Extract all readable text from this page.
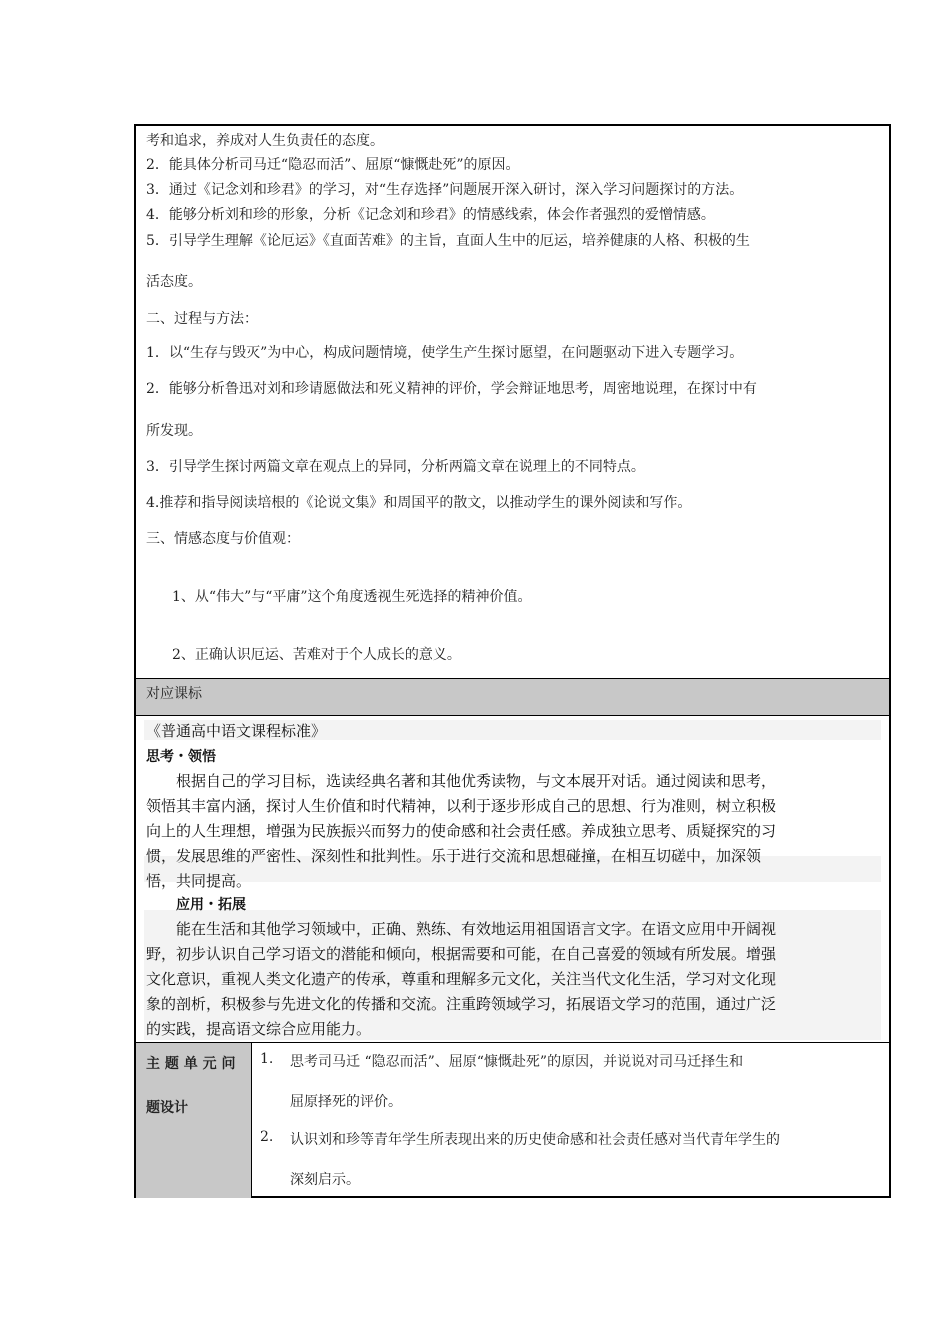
考和追求，养成对人生负责任的态度。
2．能具体分析司马迁“隐忍而活”、屈原“慷慨赴死”的原因。
3．通过《记念刘和珍君》的学习，对“生存选择”问题展开深入研讨，深入学习问题探讨的方法。
4．能够分析刘和珍的形象，分析《记念刘和珍君》的情感线索，体会作者强烈的爱憎情感。
5．引导学生理解《论厄运》《直面苦难》的主旨，直面人生中的厄运，培养健康的人格、积极的生
活态度。
二、过程与方法：
1．以“生存与毁灭”为中心，构成问题情境，使学生产生探讨愿望，在问题驱动下进入专题学习。
2．能够分析鲁迅对刘和珍请愿做法和死义精神的评价，学会辩证地思考，周密地说理，在探讨中有
所发现。
3．引导学生探讨两篇文章在观点上的异同，分析两篇文章在说理上的不同特点。
4.推荐和指导阅读培根的《论说文集》和周国平的散文，以推动学生的课外阅读和写作。
三、情感态度与价值观：
1、从“伟大”与“平庸”这个角度透视生死选择的精神价值。
2、正确认识厄运、苦难对于个人成长的意义。
对应课标
《普通高中语文课程标准》
思考・领悟
根据自己的学习目标，选读经典名著和其他优秀读物，与文本展开对话。通过阅读和思考，
领悟其丰富内涵，探讨人生价值和时代精神，以利于逐步形成自己的思想、行为准则，树立积极
向上的人生理想，增强为民族振兴而努力的使命感和社会责任感。养成独立思考、质疑探究的习
惯，发展思维的严密性、深刻性和批判性。乐于进行交流和思想碰撞，在相互切磋中，加深领
悟，共同提高。
应用・拓展
能在生活和其他学习领域中，正确、熟练、有效地运用祖国语言文字。在语文应用中开阔视
野，初步认识自己学习语文的潜能和倾向，根据需要和可能，在自己喜爱的领域有所发展。增强
文化意识，重视人类文化遗产的传承，尊重和理解多元文化，关注当代文化生活，学习对文化现
象的剖析，积极参与先进文化的传播和交流。注重跨领域学习，拓展语文学习的范围，通过广泛
的实践，提高语文综合应用能力。
主 题 单 元 问
题设计
1. 思考司马迁 “隐忍而活”、屈原“慷慨赴死”的原因，并说说对司马迁择生和
屈原择死的评价。
2. 认识刘和珍等青年学生所表现出来的历史使命感和社会责任感对当代青年学生的
深刻启示。
